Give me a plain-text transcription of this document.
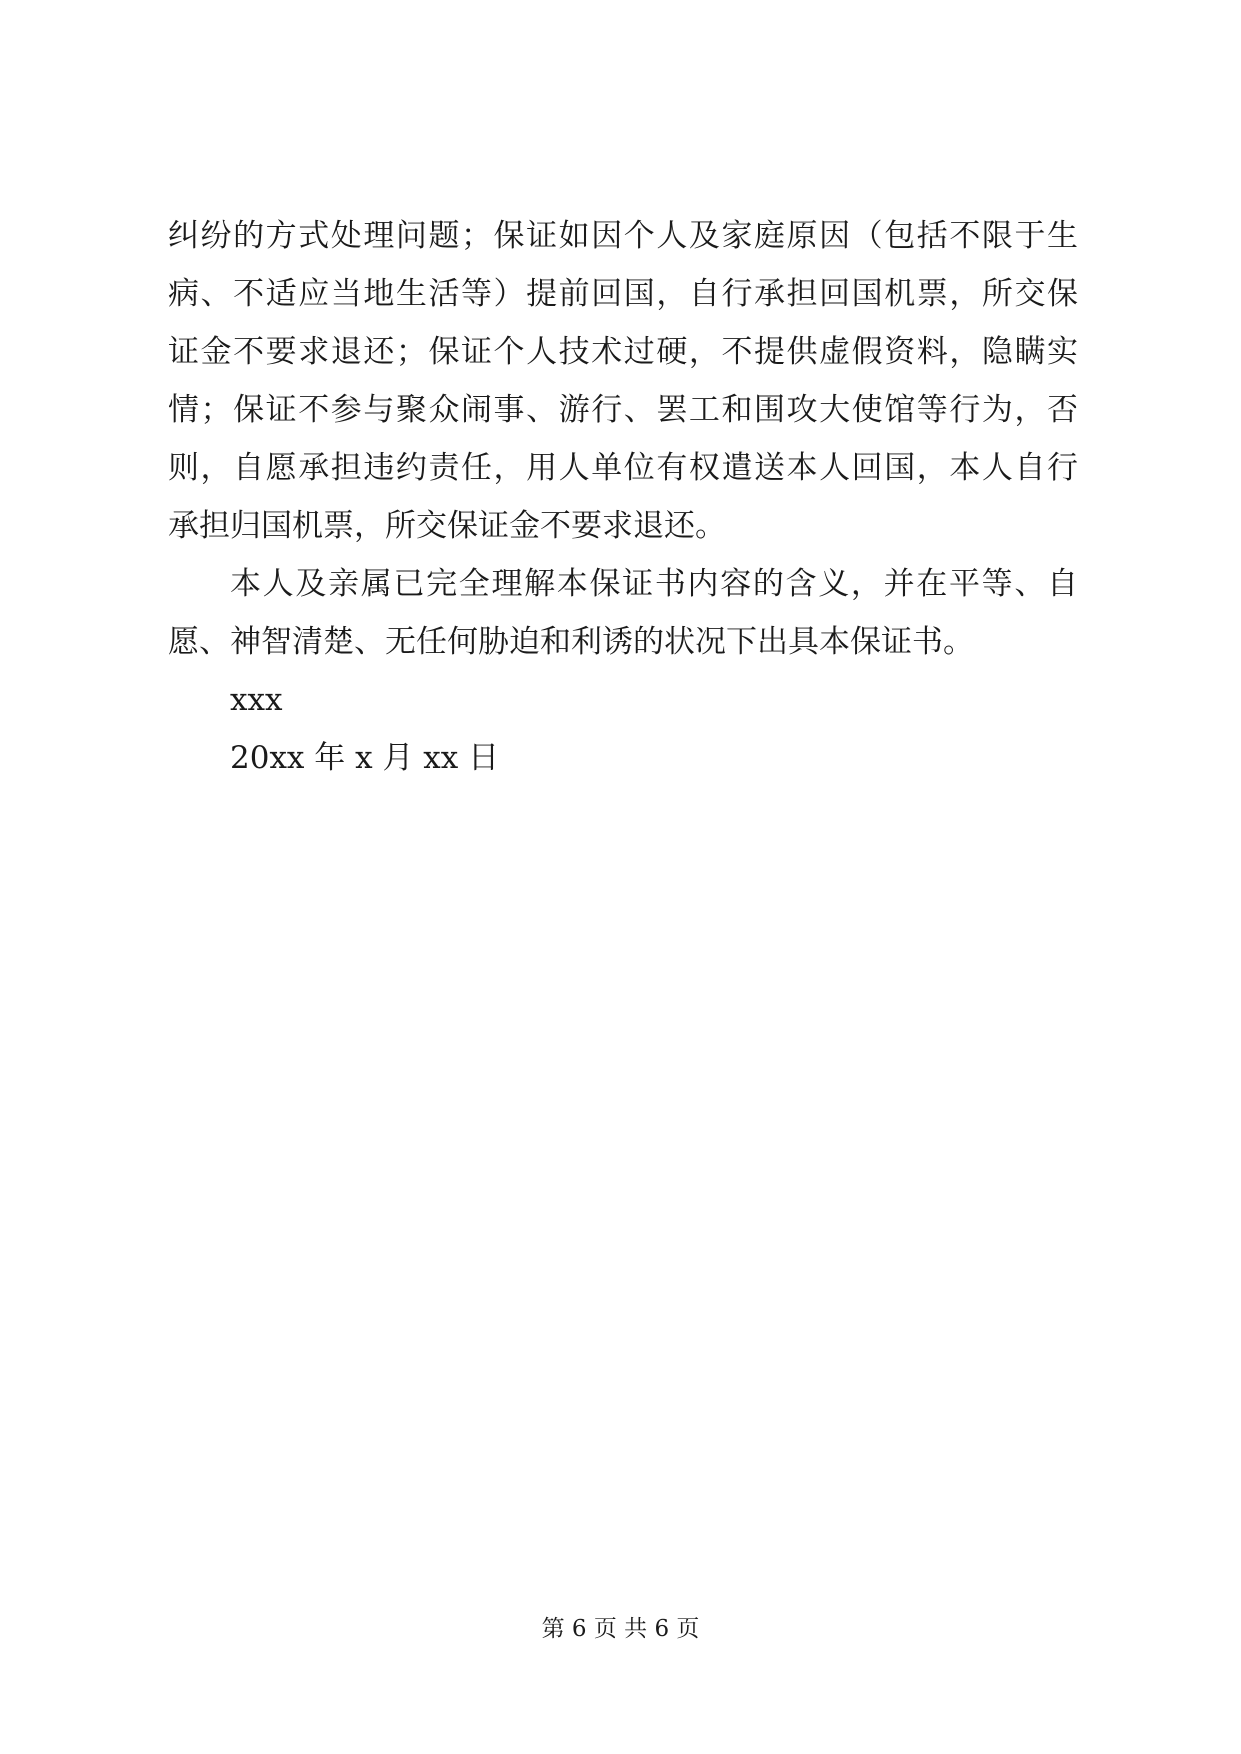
纠纷的方式处理问题；保证如因个人及家庭原因（包括不限于生
病、不适应当地生活等）提前回国，自行承担回国机票，所交保
证金不要求退还；保证个人技术过硬，不提供虚假资料，隐瞒实
情；保证不参与聚众闹事、游行、罢工和围攻大使馆等行为，否
则，自愿承担违约责任，用人单位有权遣送本人回国，本人自行
承担归国机票，所交保证金不要求退还。
本人及亲属已完全理解本保证书内容的含义，并在平等、自
愿、神智清楚、无任何胁迫和利诱的状况下出具本保证书。
xxx
20xx 年 x 月 xx 日
第 6 页 共 6 页
